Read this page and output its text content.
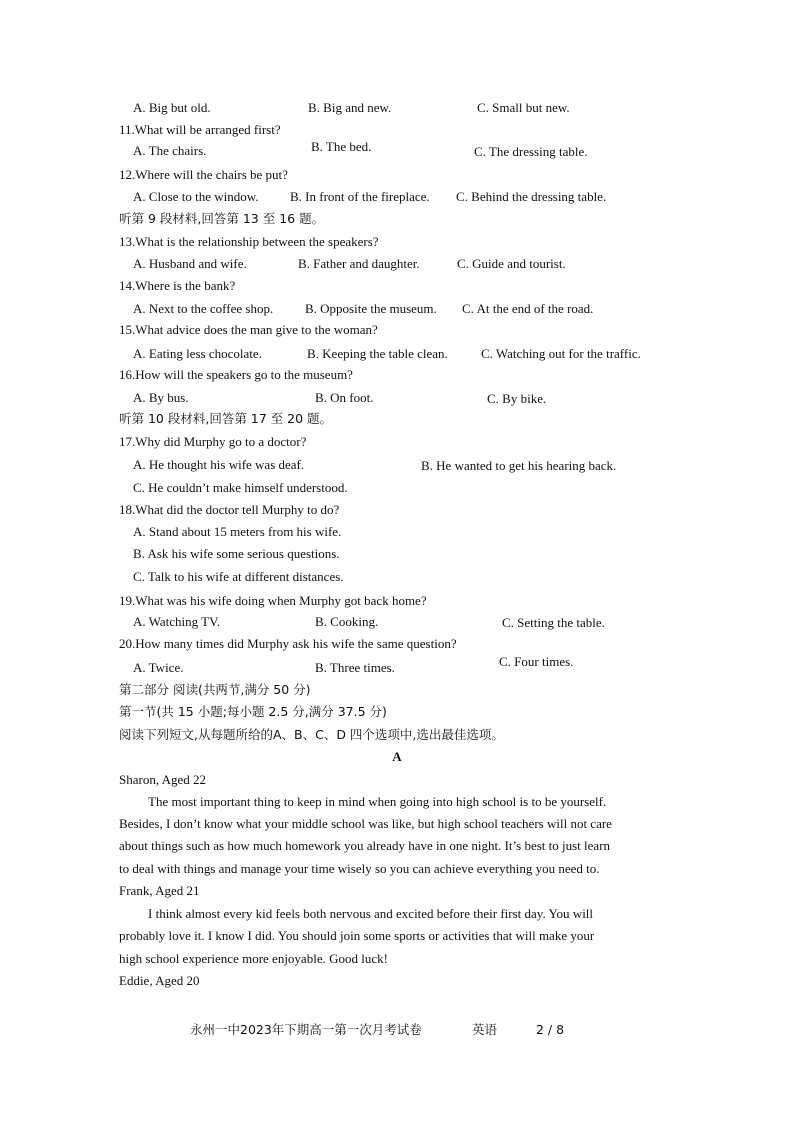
A. Big but old.	B. Big and new.	C. Small but new.
11.What will be arranged first?
A. The chairs.	B. The bed.	C. The dressing table.
12.Where will the chairs be put?
A. Close to the window. B. In front of the fireplace. C. Behind the dressing table.
听第 9 段材料,回答第 13 至 16 题。
13.What is the relationship between the speakers?
A. Husband and wife.	B. Father and daughter.	C. Guide and tourist.
14.Where is the bank?
A. Next to the coffee shop. B. Opposite the museum. C. At the end of the road.
15.What advice does the man give to the woman?
A. Eating less chocolate.	B. Keeping the table clean.	C. Watching out for the traffic.
16.How will the speakers go to the museum?
A. By bus.	B. On foot.	C. By bike.
听第 10 段材料,回答第 17 至 20 题。
17.Why did Murphy go to a doctor?
A. He thought his wife was deaf.	B. He wanted to get his hearing back.
C. He couldn’t make himself understood.
18.What did the doctor tell Murphy to do?
A. Stand about 15 meters from his wife.
B. Ask his wife some serious questions.
C. Talk to his wife at different distances.
19.What was his wife doing when Murphy got back home?
A. Watching TV.	B. Cooking.	C. Setting the table.
20.How many times did Murphy ask his wife the same question?
A. Twice.	B. Three times.	C. Four times.
第二部分 阅读(共两节,满分 50 分)
第一节(共 15 小题;每小题 2.5 分,满分 37.5 分)
阅读下列短文,从每题所给的A、B、C、D 四个选项中,选出最佳选项。
A
Sharon, Aged 22
The most important thing to keep in mind when going into high school is to be yourself.
Besides, I don’t know what your middle school was like, but high school teachers will not care
about things such as how much homework you already have in one night. It’s best to just learn
to deal with things and manage your time wisely so you can achieve everything you need to.
Frank, Aged 21
I think almost every kid feels both nervous and excited before their first day. You will
probably love it. I know I did. You should join some sports or activities that will make your
high school experience more enjoyable. Good luck!
Eddie, Aged 20
永州一中2023年下期高一第一次月考试卷	英语	2 / 8
